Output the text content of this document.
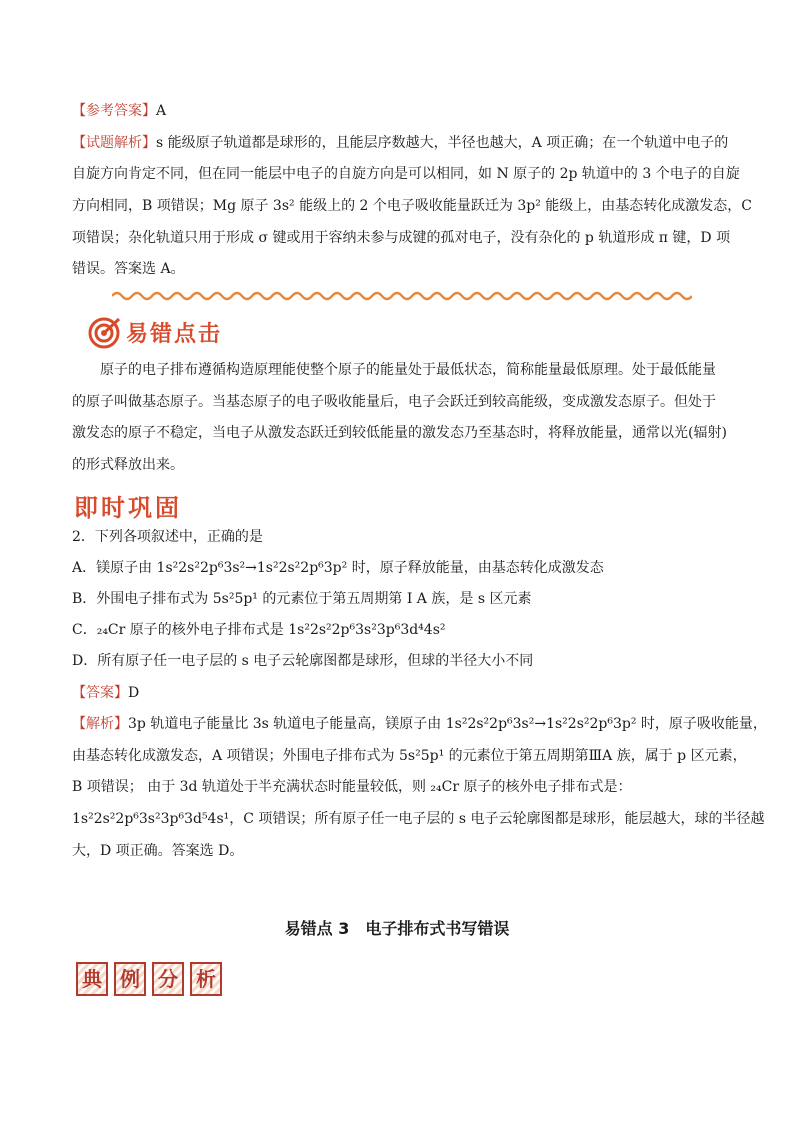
【参考答案】A
【试题解析】s 能级原子轨道都是球形的，且能层序数越大，半径也越大，A 项正确；在一个轨道中电子的
自旋方向肯定不同，但在同一能层中电子的自旋方向是可以相同，如 N 原子的 2p 轨道中的 3 个电子的自旋
方向相同，B 项错误；Mg 原子 3s² 能级上的 2 个电子吸收能量跃迁为 3p² 能级上，由基态转化成激发态，C
项错误；杂化轨道只用于形成 σ 键或用于容纳未参与成键的孤对电子，没有杂化的 p 轨道形成 π 键，D 项
错误。答案选 A。
易错点击
原子的电子排布遵循构造原理能使整个原子的能量处于最低状态，简称能量最低原理。处于最低能量
的原子叫做基态原子。当基态原子的电子吸收能量后，电子会跃迁到较高能级，变成激发态原子。但处于
激发态的原子不稳定，当电子从激发态跃迁到较低能量的激发态乃至基态时，将释放能量，通常以光(辐射)
的形式释放出来。
即时巩固
2．下列各项叙述中，正确的是
A．镁原子由 1s²2s²2p⁶3s²→1s²2s²2p⁶3p² 时，原子释放能量，由基态转化成激发态
B．外围电子排布式为 5s²5p¹ 的元素位于第五周期第 I A 族，是 s 区元素
C．₂₄Cr 原子的核外电子排布式是 1s²2s²2p⁶3s²3p⁶3d⁴4s²
D．所有原子任一电子层的 s 电子云轮廓图都是球形，但球的半径大小不同
【答案】D
【解析】3p 轨道电子能量比 3s 轨道电子能量高，镁原子由 1s²2s²2p⁶3s²→1s²2s²2p⁶3p² 时，原子吸收能量，
由基态转化成激发态，A 项错误；外围电子排布式为 5s²5p¹ 的元素位于第五周期第ⅢA 族，属于 p 区元素，
B 项错误； 由于 3d 轨道处于半充满状态时能量较低，则 ₂₄Cr 原子的核外电子排布式是：
1s²2s²2p⁶3s²3p⁶3d⁵4s¹，C 项错误；所有原子任一电子层的 s 电子云轮廓图都是球形，能层越大，球的半径越
大，D 项正确。答案选 D。
易错点 3　电子排布式书写错误
典 例 分 析
